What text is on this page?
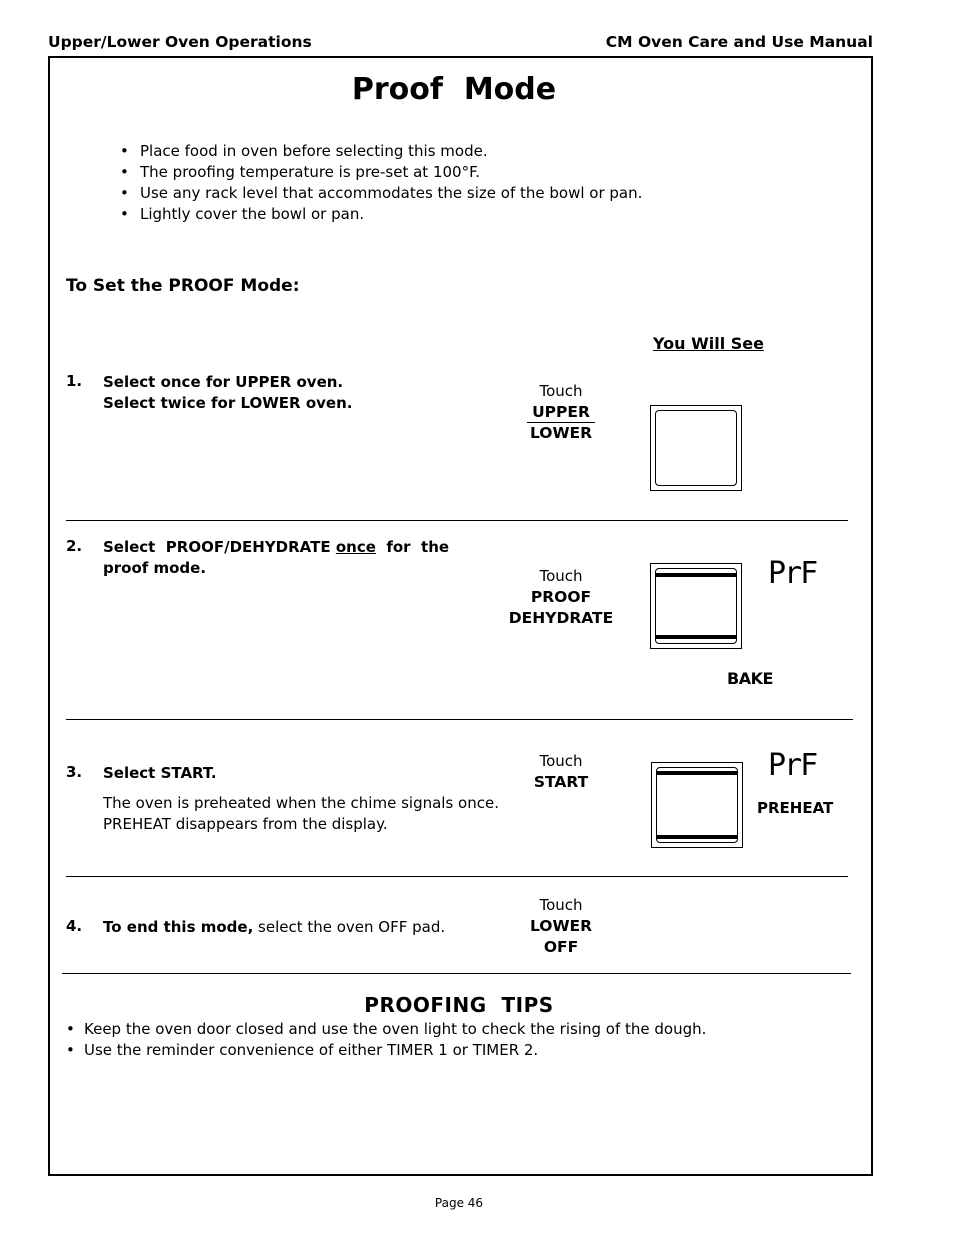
Upper/Lower Oven Operations	CM Oven Care and Use Manual
Proof  Mode
• Place food in oven before selecting this mode.
• The proofing temperature is pre-set at 100°F.
• Use any rack level that accommodates the size of the bowl or pan.
• Lightly cover the bowl or pan.
To Set the PROOF Mode:
You Will See
1. Select once for UPPER oven.
Select twice for LOWER oven.
Touch
UPPER
LOWER
2. Select  PROOF/DEHYDRATE once  for  the
proof mode.	Touch
PROOF
DEHYDRATE
PrF
BAKE
3. Select START.
The oven is preheated when the chime signals once.
PREHEAT disappears from the display.
Touch
START	PrF
PREHEAT
4. To end this mode, select the oven OFF pad.
Touch
LOWER
OFF
PROOFING  TIPS
• Keep the oven door closed and use the oven light to check the rising of the dough.
• Use the reminder convenience of either TIMER 1 or TIMER 2.
Page 46
